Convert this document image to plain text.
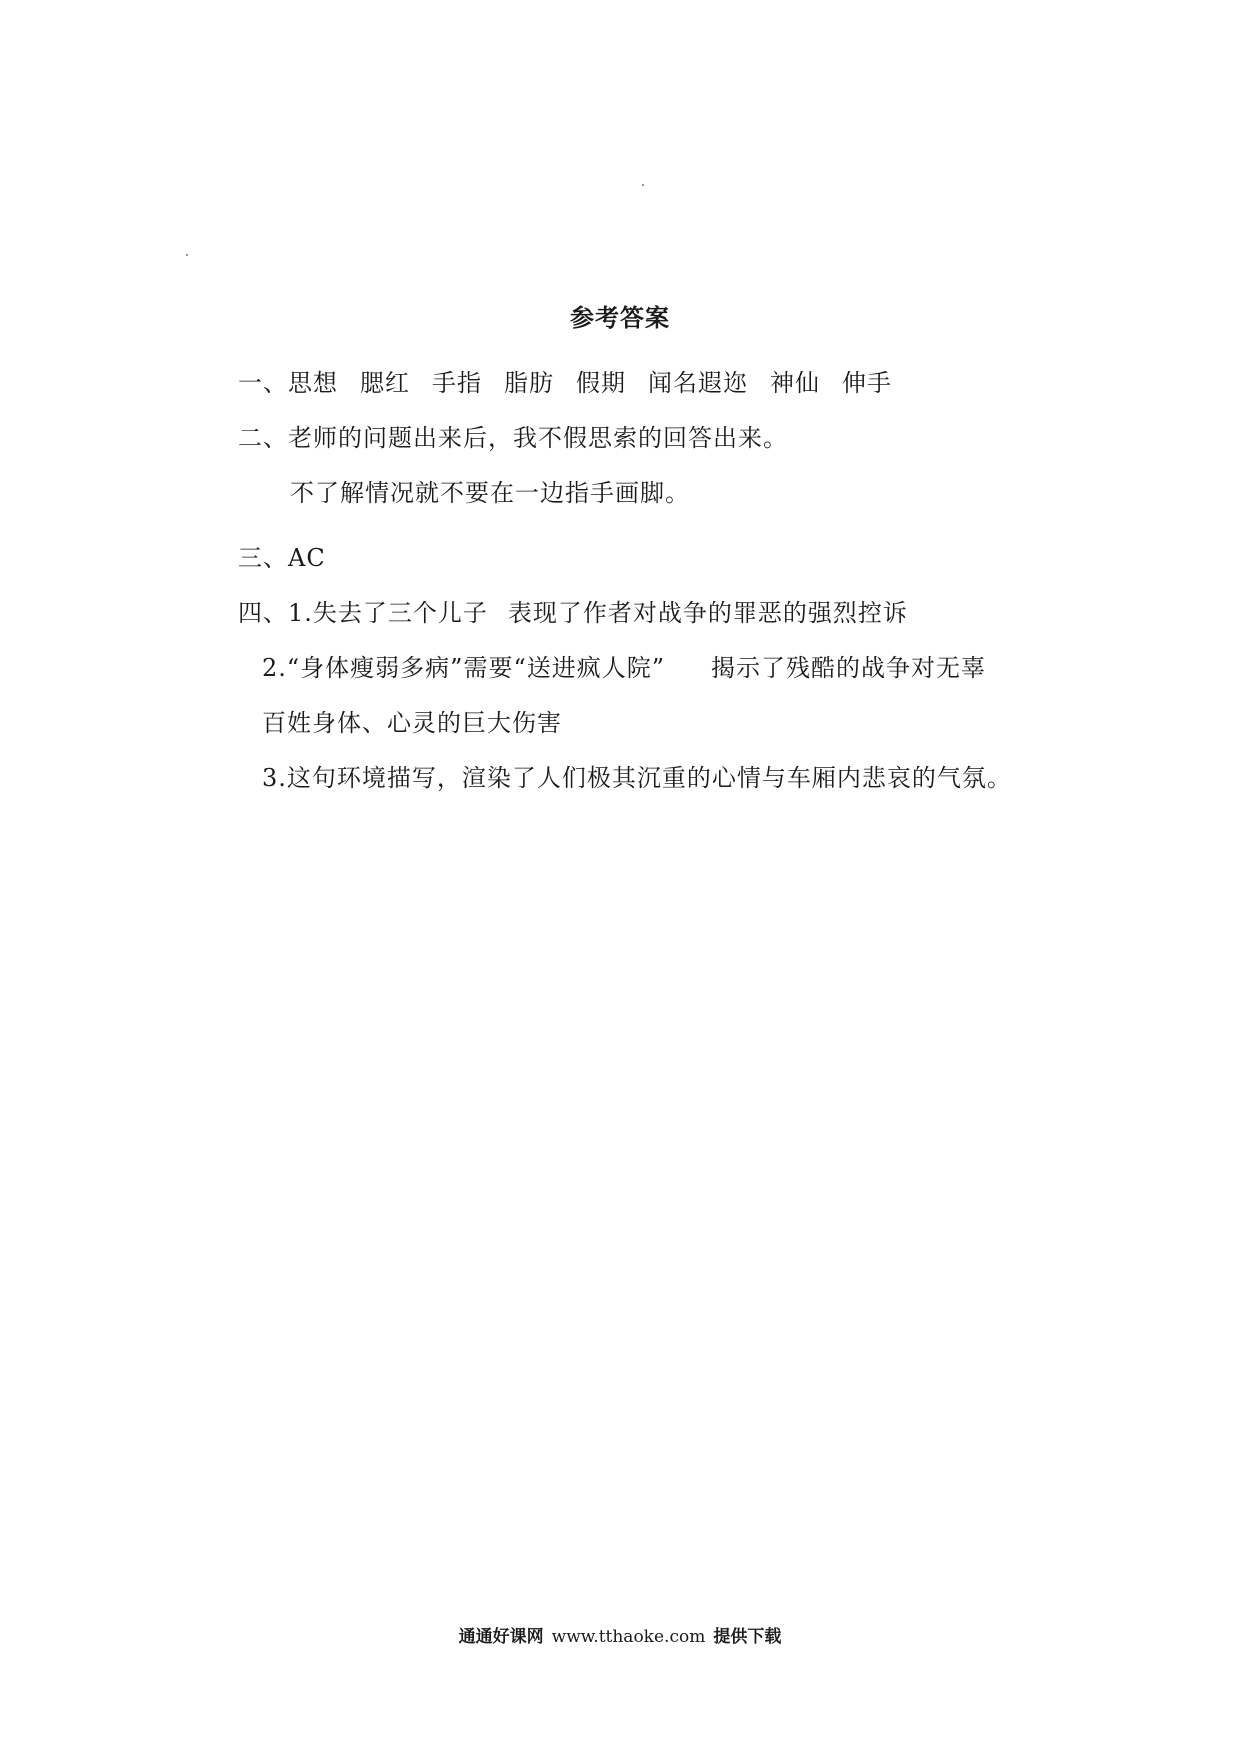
参考答案
一、思想 腮红 手指 脂肪 假期 闻名遐迩 神仙 伸手
二、老师的问题出来后，我不假思索的回答出来。
不了解情况就不要在一边指手画脚。
三、AC
四、1.失去了三个儿子 表现了作者对战争的罪恶的强烈控诉
2.“身体瘦弱多病”需要“送进疯人院” 揭示了残酷的战争对无辜
百姓身体、心灵的巨大伤害
3.这句环境描写，渲染了人们极其沉重的心情与车厢内悲哀的气氛。
通通好课网 www.tthaoke.com 提供下载
